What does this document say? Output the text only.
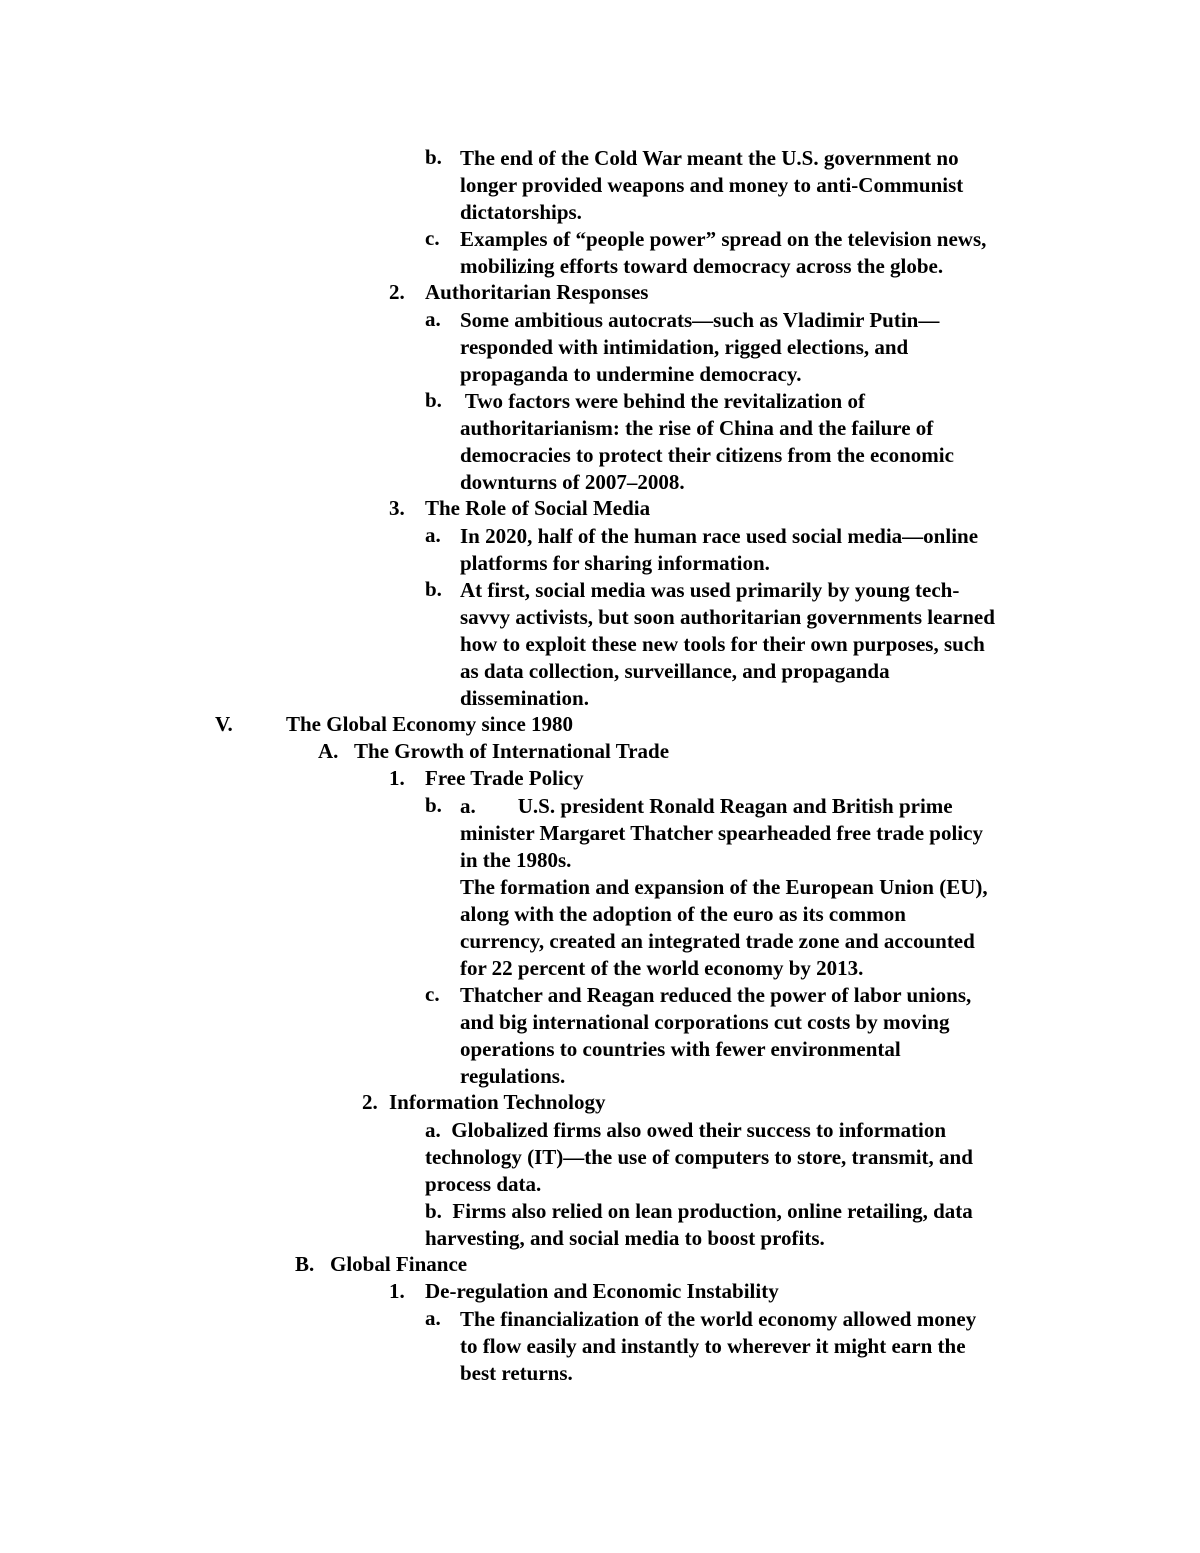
b. The end of the Cold War meant the U.S. government no
longer provided weapons and money to anti-Communist
dictatorships.
c. Examples of “people power” spread on the television news,
mobilizing efforts toward democracy across the globe.
2. Authoritarian Responses
a. Some ambitious autocrats—such as Vladimir Putin—
responded with intimidation, rigged elections, and
propaganda to undermine democracy.
b. Two factors were behind the revitalization of
authoritarianism: the rise of China and the failure of
democracies to protect their citizens from the economic
downturns of 2007–2008.
3. The Role of Social Media
a. In 2020, half of the human race used social media—online
platforms for sharing information.
b. At first, social media was used primarily by young tech-
savvy activists, but soon authoritarian governments learned
how to exploit these new tools for their own purposes, such
as data collection, surveillance, and propaganda
dissemination.
V.	The Global Economy since 1980
A. The Growth of International Trade
1. Free Trade Policy
b. a.        U.S. president Ronald Reagan and British prime
minister Margaret Thatcher spearheaded free trade policy
in the 1980s.
The formation and expansion of the European Union (EU),
along with the adoption of the euro as its common
currency, created an integrated trade zone and accounted
for 22 percent of the world economy by 2013.
c. Thatcher and Reagan reduced the power of labor unions,
and big international corporations cut costs by moving
operations to countries with fewer environmental
regulations.
2. Information Technology
a.  Globalized firms also owed their success to information
technology (IT)—the use of computers to store, transmit, and
process data.
b.  Firms also relied on lean production, online retailing, data
harvesting, and social media to boost profits.
B. Global Finance
1. De-regulation and Economic Instability
a. The financialization of the world economy allowed money
to flow easily and instantly to wherever it might earn the
best returns.
